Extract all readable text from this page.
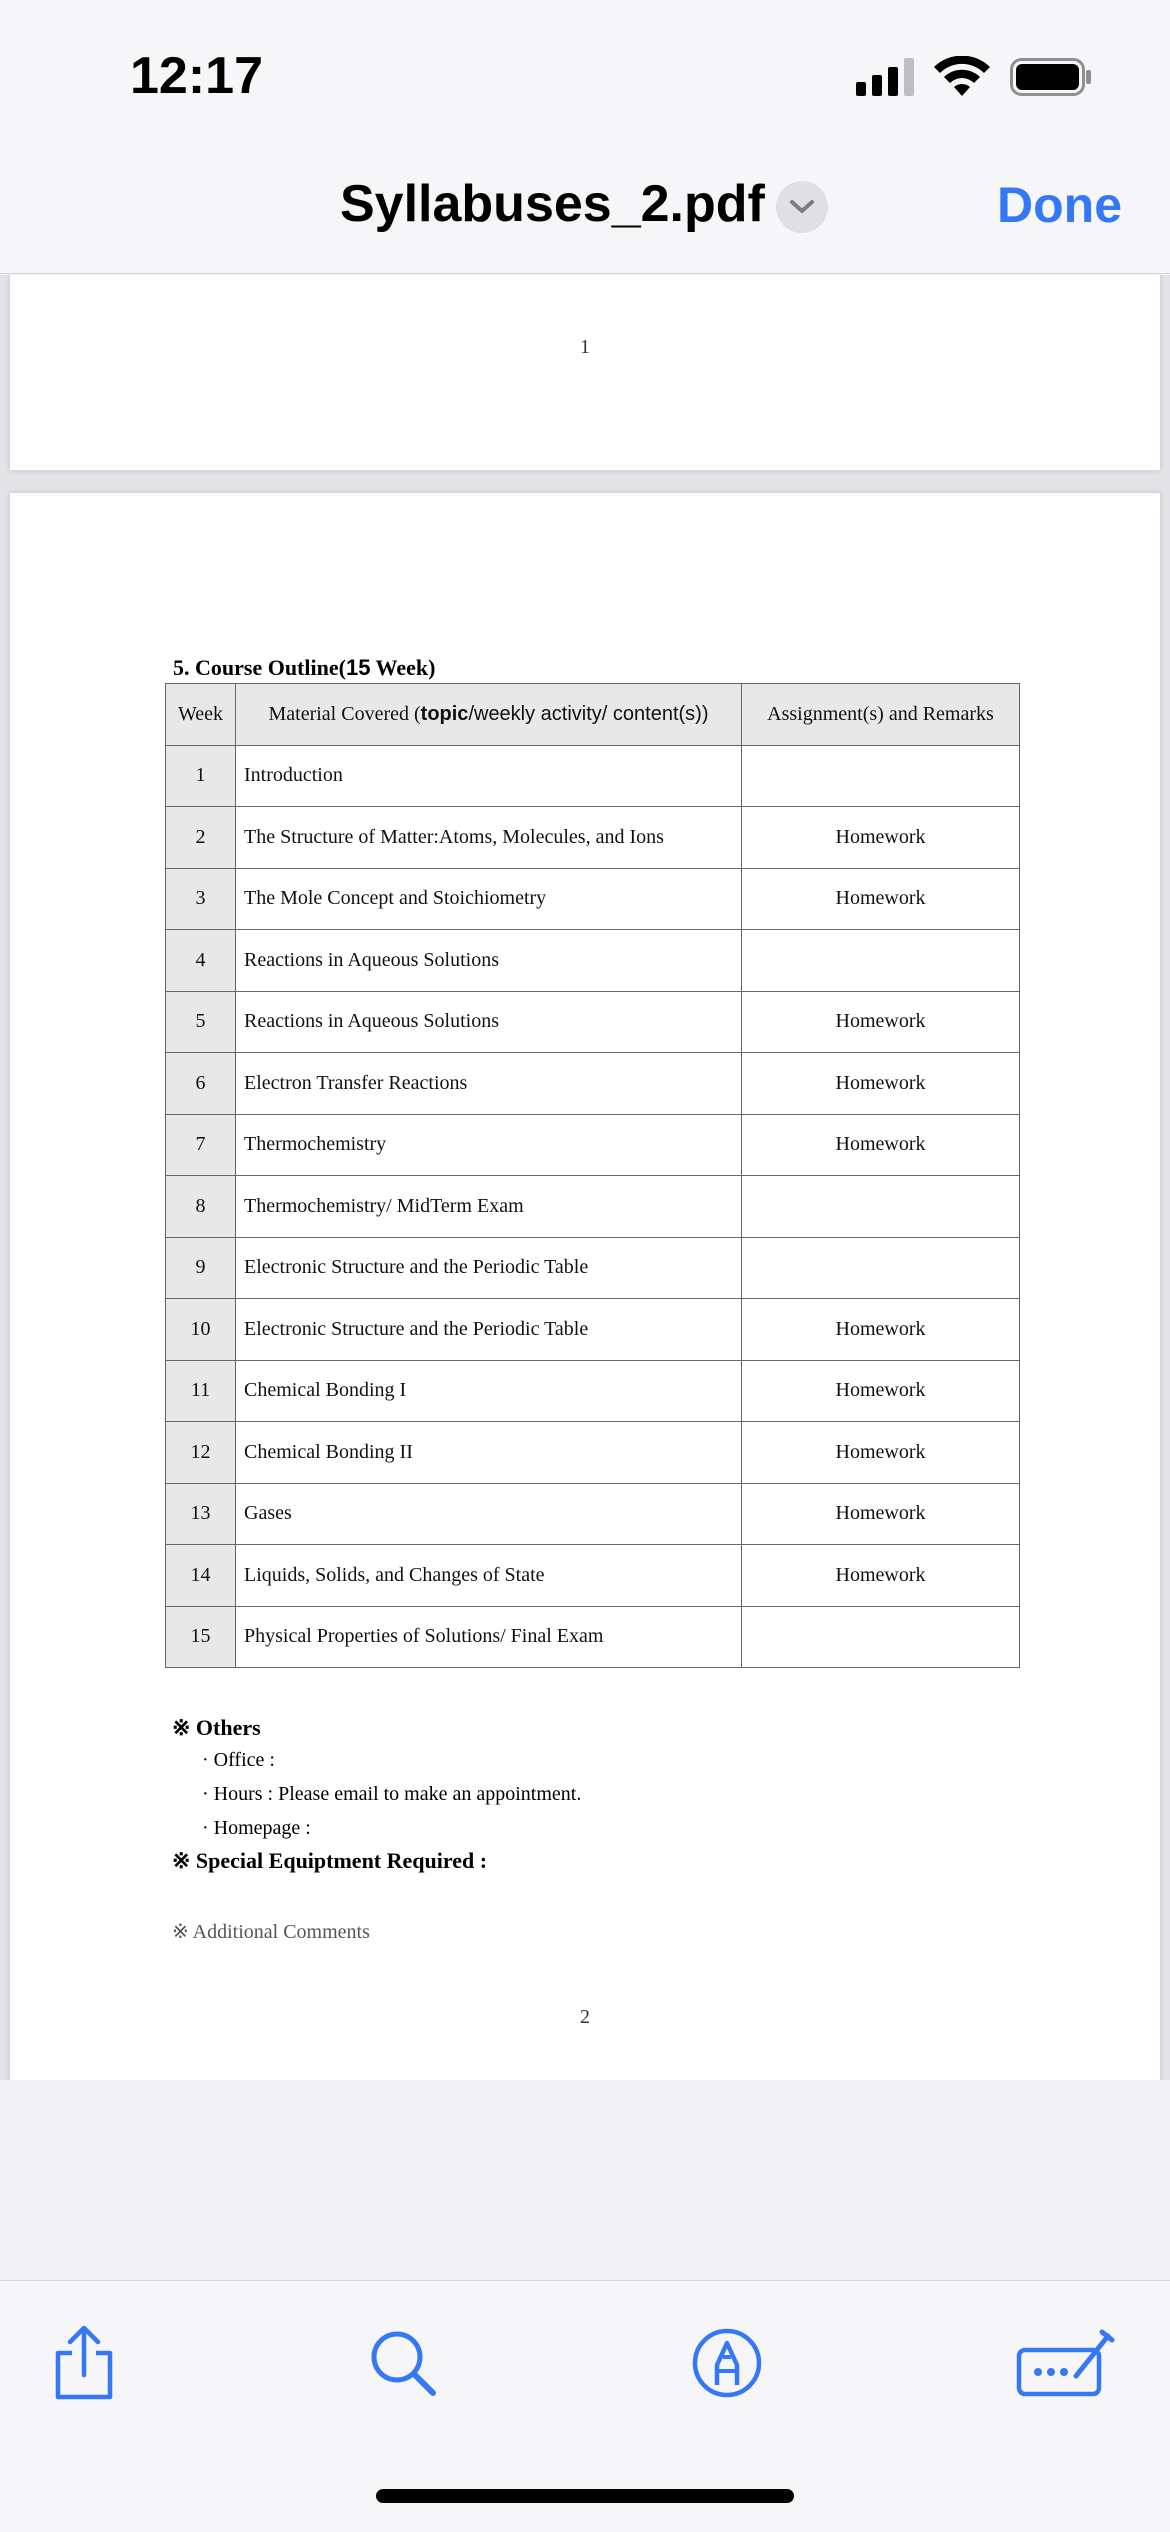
12:17
Syllabuses_2.pdf	Done
1
5. Course Outline(15 Week)
Week	Material Covered (topic/weekly activity/ content(s))	Assignment(s) and Remarks
1	Introduction	
2	The Structure of Matter:Atoms, Molecules, and Ions	Homework
3	The Mole Concept and Stoichiometry	Homework
4	Reactions in Aqueous Solutions	
5	Reactions in Aqueous Solutions	Homework
6	Electron Transfer Reactions	Homework
7	Thermochemistry	Homework
8	Thermochemistry/ MidTerm Exam	
9	Electronic Structure and the Periodic Table	
10	Electronic Structure and the Periodic Table	Homework
11	Chemical Bonding I	Homework
12	Chemical Bonding II	Homework
13	Gases	Homework
14	Liquids, Solids, and Changes of State	Homework
15	Physical Properties of Solutions/ Final Exam	
※ Others
· Office :
· Hours : Please email to make an appointment.
· Homepage :
※ Special Equiptment Required :
※ Additional Comments
2
